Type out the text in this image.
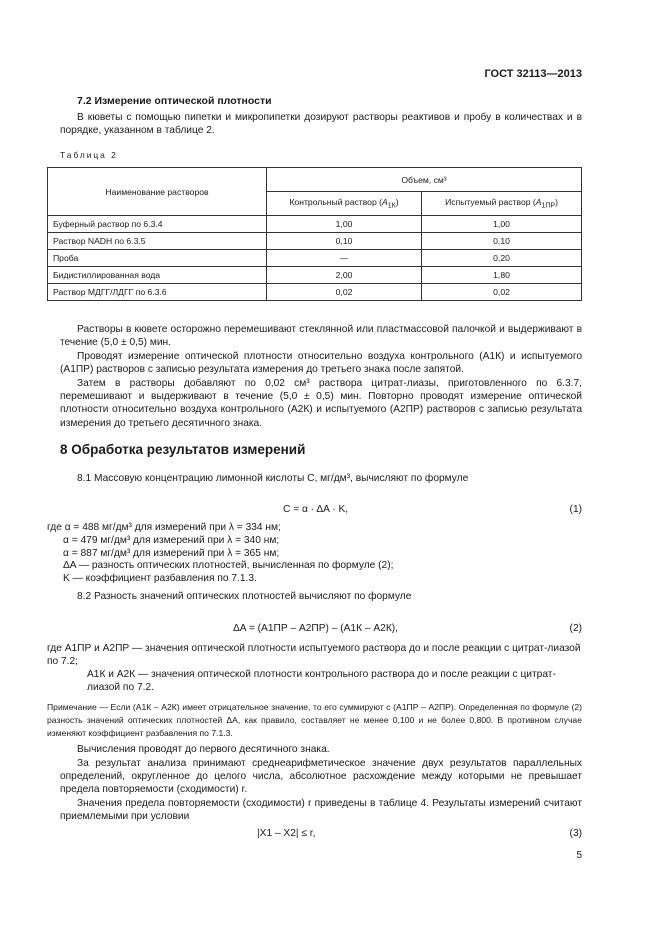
ГОСТ 32113—2013
7.2 Измерение оптической плотности
В кюветы с помощью пипетки и микропипетки дозируют растворы реактивов и пробу в количествах и в порядке, указанном в таблице 2.
Таблица 2
Наименование растворов	Объем, см³	
	Контрольный раствор $(A_{1К})$	Испытуемый раствор $(A_{1ПР})$
Буферный раствор по 6.3.4	1,00	1,00
Раствор NADH по 6.3.5	0,10	0,10
Проба	—	0,20
Бидистиллированная вода	2,00	1,80
Раствор МДГГ/ЛДГГ по 6.3.6	0,02	0,02
Растворы в кювете осторожно перемешивают стеклянной или пластмассовой палочкой и выдерживают в течение (5,0 ± 0,5) мин.
Проводят измерение оптической плотности относительно воздуха контрольного (A1К) и испытуемого (A1ПР) растворов с записью результата измерения до третьего знака после запятой.
Затем в растворы добавляют по 0,02 см³ раствора цитрат-лиазы, приготовленного по 6.3.7, перемешивают и выдерживают в течение (5,0 ± 0,5) мин. Повторно проводят измерение оптической плотности относительно воздуха контрольного (A2К) и испытуемого (A2ПР) растворов с записью результата измерения до третьего десятичного знака.
8 Обработка результатов измерений
8.1 Массовую концентрацию лимонной кислоты C, мг/дм³, вычисляют по формуле
C = α · ΔA · K,	(1)
где α = 488 мг/дм³ для измерений при λ = 334 нм;
α = 479 мг/дм³ для измерений при λ = 340 нм;
α = 887 мг/дм³ для измерений при λ = 365 нм;
ΔA — разность оптических плотностей, вычисленная по формуле (2);
K — коэффициент разбавления по 7.1.3.
8.2 Разность значений оптических плотностей вычисляют по формуле
ΔA = (A1ПР – A2ПР) – (A1К – A2К),	(2)
где A1ПР и A2ПР — значения оптической плотности испытуемого раствора до и после реакции с цитрат-лиазой по 7.2;
A1К и A2К — значения оптической плотности контрольного раствора до и после реакции с цитрат-лиазой по 7.2.
Примечание — Если (A1К – A2К) имеет отрицательное значение, то его суммируют с (A1ПР – A2ПР). Определенная по формуле (2) разность значений оптических плотностей ΔA, как правило, составляет не менее 0,100 и не более 0,800. В противном случае изменяют коэффициент разбавления по 7.1.3.
Вычисления проводят до первого десятичного знака.
За результат анализа принимают среднеарифметическое значение двух результатов параллельных определений, округленное до целого числа, абсолютное расхождение между которыми не превышает предела повторяемости (сходимости) r.
Значения предела повторяемости (сходимости) r приведены в таблице 4. Результаты измерений считают приемлемыми при условии
|X1 – X2| ≤ r,	(3)
5
